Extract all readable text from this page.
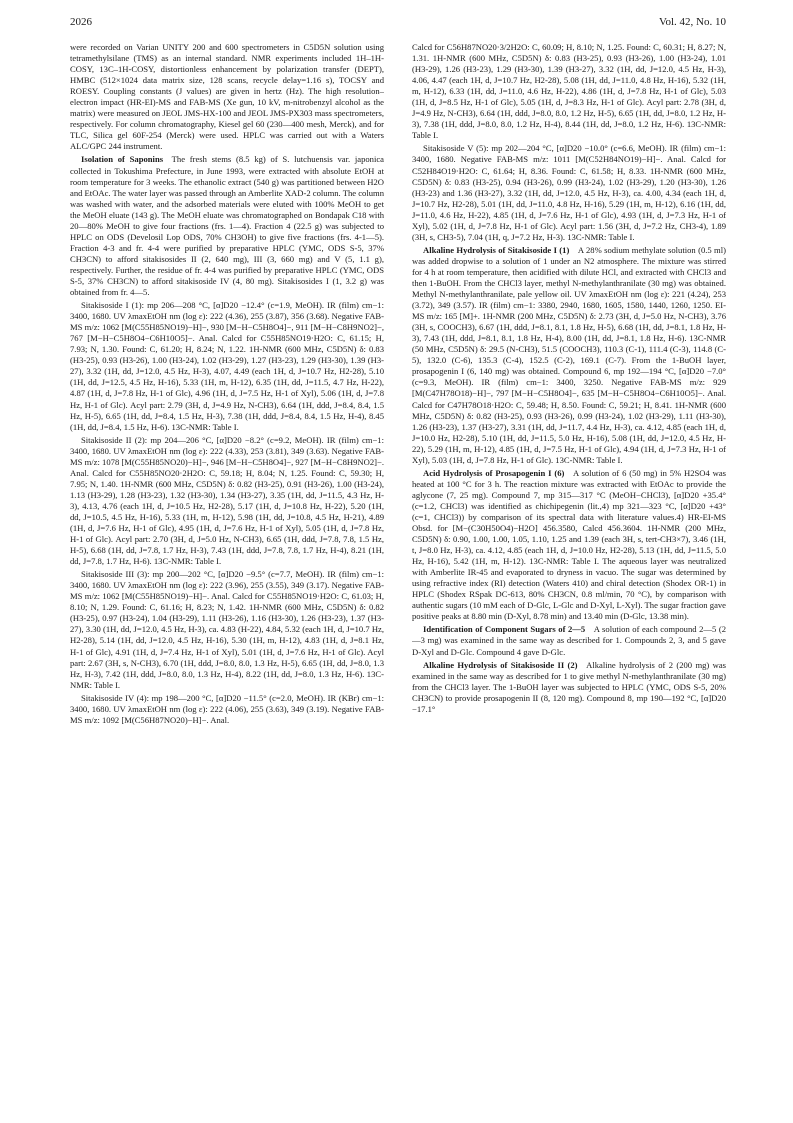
2026	Vol. 42, No. 10

were recorded on Varian UNITY 200 and 600 spectrometers in C5D5N solution using tetramethylsilane (TMS) as an internal standard. NMR experiments included 1H–1H-COSY, 13C–1H-COSY, distortionless enhancement by polarization transfer (DEPT), HMBC (512×1024 data matrix size, 128 scans, recycle delay=1.16 s), TOCSY and ROESY. Coupling constants (J values) are given in hertz (Hz). The high resolution–electron impact (HR-EI)-MS and FAB-MS (Xe gun, 10 kV, m-nitrobenzyl alcohol as the matrix) were measured on JEOL JMS-HX-100 and JEOL JMS-PX303 mass spectrometers, respectively. For column chromatography, Kiesel gel 60 (230—400 mesh, Merck), and for TLC, Silica gel 60F-254 (Merck) were used. HPLC was carried out with a Waters ALC/GPC 244 instrument.

Isolation of Saponins  The fresh stems (8.5 kg) of S. lutchuensis var. japonica collected in Tokushima Prefecture, in June 1993, were extracted with absolute EtOH at room temperature for 3 weeks. The ethanolic extract (540 g) was partitioned between H2O and EtOAc. The water layer was passed through an Amberlite XAD-2 column. The column was washed with water, and the adsorbed materials were eluted with 100% MeOH to get the MeOH eluate (143 g). The MeOH eluate was chromatographed on Bondapak C18 with 20—80% MeOH to give four fractions (frs. 1—4). Fraction 4 (22.5 g) was subjected to HPLC on ODS (Develosil Lop ODS, 70% CH3OH) to give five fractions (frs. 4-1—5). Fraction 4-3 and fr. 4-4 were purified by preparative HPLC (YMC, ODS S-5, 37% CH3CN) to afford sitakisosides II (2, 640 mg), III (3, 660 mg) and V (5, 1.1 g), respectively. Further, the residue of fr. 4-4 was purified by preparative HPLC (YMC, ODS S-5, 37% CH3CN) to afford sitakisoside IV (4, 80 mg). Sitakisosides I (1, 3.2 g) was obtained from fr. 4—5.

Sitakisoside I (1): mp 206—208 °C, [α]D20 −12.4° (c=1.9, MeOH). IR (film) cm−1: 3400, 1680. UV λmaxEtOH nm (log ε): 222 (4.36), 255 (3.87), 356 (3.68). Negative FAB-MS m/z: 1062 [M(C55H85NO19)−H]−, 930 [M−H−C5H8O4]−, 911 [M−H−C8H9NO2]−, 767 [M−H−C5H8O4−C6H10O5]−. Anal. Calcd for C55H85NO19·H2O: C, 61.15; H, 7.93; N, 1.30. Found: C, 61.20; H, 8.24; N, 1.22. 1H-NMR (600 MHz, C5D5N) δ: 0.83 (H3-25), 0.93 (H3-26), 1.00 (H3-24), 1.02 (H3-29), 1.27 (H3-23), 1.29 (H3-30), 1.39 (H3-27), 3.32 (1H, dd, J=12.0, 4.5 Hz, H-3), 4.07, 4.49 (each 1H, d, J=10.7 Hz, H2-28), 5.10 (1H, dd, J=12.5, 4.5 Hz, H-16), 5.33 (1H, m, H-12), 6.35 (1H, dd, J=11.5, 4.7 Hz, H-22), 4.87 (1H, d, J=7.8 Hz, H-1 of Glc), 4.96 (1H, d, J=7.5 Hz, H-1 of Xyl), 5.06 (1H, d, J=7.8 Hz, H-1 of Glc). Acyl part: 2.79 (3H, d, J=4.9 Hz, N-CH3), 6.64 (1H, ddd, J=8.4, 8.4, 1.5 Hz, H-5), 6.65 (1H, dd, J=8.4, 1.5 Hz, H-3), 7.38 (1H, ddd, J=8.4, 8.4, 1.5 Hz, H-4), 8.45 (1H, dd, J=8.4, 1.5 Hz, H-6). 13C-NMR: Table I.

Sitakisoside II (2): mp 204—206 °C, [α]D20 −8.2° (c=9.2, MeOH). IR (film) cm−1: 3400, 1680. UV λmaxEtOH nm (log ε): 222 (4.33), 253 (3.81), 349 (3.63). Negative FAB-MS m/z: 1078 [M(C55H85NO20)−H]−, 946 [M−H−C5H8O4]−, 927 [M−H−C8H9NO2]−. Anal. Calcd for C55H85NO20·2H2O: C, 59.18; H, 8.04; N, 1.25. Found: C, 59.30; H, 7.95; N, 1.40. 1H-NMR (600 MHz, C5D5N) δ: 0.82 (H3-25), 0.91 (H3-26), 1.00 (H3-24), 1.13 (H3-29), 1.28 (H3-23), 1.32 (H3-30), 1.34 (H3-27), 3.35 (1H, dd, J=11.5, 4.3 Hz, H-3), 4.13, 4.76 (each 1H, d, J=10.5 Hz, H2-28), 5.17 (1H, d, J=10.8 Hz, H-22), 5.20 (1H, dd, J=10.5, 4.5 Hz, H-16), 5.33 (1H, m, H-12), 5.98 (1H, dd, J=10.8, 4.5 Hz, H-21), 4.89 (1H, d, J=7.6 Hz, H-1 of Glc), 4.95 (1H, d, J=7.6 Hz, H-1 of Xyl), 5.05 (1H, d, J=7.8 Hz, H-1 of Glc). Acyl part: 2.70 (3H, d, J=5.0 Hz, N-CH3), 6.65 (1H, ddd, J=7.8, 7.8, 1.5 Hz, H-5), 6.68 (1H, dd, J=7.8, 1.7 Hz, H-3), 7.43 (1H, ddd, J=7.8, 7.8, 1.7 Hz, H-4), 8.21 (1H, dd, J=7.8, 1.7 Hz, H-6). 13C-NMR: Table I.

Sitakisoside III (3): mp 200—202 °C, [α]D20 −9.5° (c=7.7, MeOH). IR (film) cm−1: 3400, 1680. UV λmaxEtOH nm (log ε): 222 (3.96), 255 (3.55), 349 (3.17). Negative FAB-MS m/z: 1062 [M(C55H85NO19)−H]−. Anal. Calcd for C55H85NO19·H2O: C, 61.03; H, 8.10; N, 1.29. Found: C, 61.16; H, 8.23; N, 1.42. 1H-NMR (600 MHz, C5D5N) δ: 0.82 (H3-25), 0.97 (H3-24), 1.04 (H3-29), 1.11 (H3-26), 1.16 (H3-30), 1.26 (H3-23), 1.37 (H3-27), 3.30 (1H, dd, J=12.0, 4.5 Hz, H-3), ca. 4.83 (H-22), 4.84, 5.32 (each 1H, d, J=10.7 Hz, H2-28), 5.14 (1H, dd, J=12.0, 4.5 Hz, H-16), 5.30 (1H, m, H-12), 4.83 (1H, d, J=8.1 Hz, H-1 of Glc), 4.91 (1H, d, J=7.4 Hz, H-1 of Xyl), 5.01 (1H, d, J=7.6 Hz, H-1 of Glc). Acyl part: 2.67 (3H, s, N-CH3), 6.70 (1H, ddd, J=8.0, 8.0, 1.3 Hz, H-5), 6.65 (1H, dd, J=8.0, 1.3 Hz, H-3), 7.42 (1H, ddd, J=8.0, 8.0, 1.3 Hz, H-4), 8.22 (1H, dd, J=8.0, 1.3 Hz, H-6). 13C-NMR: Table I.

Sitakisoside IV (4): mp 198—200 °C, [α]D20 −11.5° (c=2.0, MeOH). IR (KBr) cm−1: 3400, 1680. UV λmaxEtOH nm (log ε): 222 (4.06), 255 (3.63), 349 (3.19). Negative FAB-MS m/z: 1092 [M(C56H87NO20)−H]−. Anal.

Calcd for C56H87NO20·3/2H2O: C, 60.09; H, 8.10; N, 1.25. Found: C, 60.31; H, 8.27; N, 1.31. 1H-NMR (600 MHz, C5D5N) δ: 0.83 (H3-25), 0.93 (H3-26), 1.00 (H3-24), 1.01 (H3-29), 1.26 (H3-23), 1.29 (H3-30), 1.39 (H3-27), 3.32 (1H, dd, J=12.0, 4.5 Hz, H-3), 4.06, 4.47 (each 1H, d, J=10.7 Hz, H2-28), 5.08 (1H, dd, J=11.0, 4.8 Hz, H-16), 5.32 (1H, m, H-12), 6.33 (1H, dd, J=11.0, 4.6 Hz, H-22), 4.86 (1H, d, J=7.8 Hz, H-1 of Glc), 5.03 (1H, d, J=8.5 Hz, H-1 of Glc), 5.05 (1H, d, J=8.3 Hz, H-1 of Glc). Acyl part: 2.78 (3H, d, J=4.9 Hz, N-CH3), 6.64 (1H, ddd, J=8.0, 8.0, 1.2 Hz, H-5), 6.65 (1H, dd, J=8.0, 1.2 Hz, H-3), 7.38 (1H, ddd, J=8.0, 8.0, 1.2 Hz, H-4), 8.44 (1H, dd, J=8.0, 1.2 Hz, H-6). 13C-NMR: Table I.

Sitakisoside V (5): mp 202—204 °C, [α]D20 −10.0° (c=6.6, MeOH). IR (film) cm−1: 3400, 1680. Negative FAB-MS m/z: 1011 [M(C52H84NO19)−H]−. Anal. Calcd for C52H84O19·H2O: C, 61.64; H, 8.36. Found: C, 61.58; H, 8.33. 1H-NMR (600 MHz, C5D5N) δ: 0.83 (H3-25), 0.94 (H3-26), 0.99 (H3-24), 1.02 (H3-29), 1.20 (H3-30), 1.26 (H3-23) and 1.36 (H3-27), 3.32 (1H, dd, J=12.0, 4.5 Hz, H-3), ca. 4.00, 4.34 (each 1H, d, J=10.7 Hz, H2-28), 5.01 (1H, dd, J=11.0, 4.8 Hz, H-16), 5.29 (1H, m, H-12), 6.16 (1H, dd, J=11.0, 4.6 Hz, H-22), 4.85 (1H, d, J=7.6 Hz, H-1 of Glc), 4.93 (1H, d, J=7.3 Hz, H-1 of Xyl), 5.02 (1H, d, J=7.8 Hz, H-1 of Glc). Acyl part: 1.56 (3H, d, J=7.2 Hz, CH3-4), 1.89 (3H, s, CH3-5), 7.04 (1H, q, J=7.2 Hz, H-3). 13C-NMR: Table I.

Alkaline Hydrolysis of Sitakisoside I (1)  A 28% sodium methylate solution (0.5 ml) was added dropwise to a solution of 1 under an N2 atmosphere. The mixture was stirred for 4 h at room temperature, then acidified with dilute HCl, and extracted with CHCl3 and then 1-BuOH. From the CHCl3 layer, methyl N-methylanthranilate (30 mg) was obtained. Methyl N-methylanthranilate, pale yellow oil. UV λmaxEtOH nm (log ε): 221 (4.24), 253 (3.72), 349 (3.57). IR (film) cm−1: 3380, 2940, 1680, 1605, 1580, 1440, 1260, 1250. EI-MS m/z: 165 [M]+. 1H-NMR (200 MHz, C5D5N) δ: 2.73 (3H, d, J=5.0 Hz, N-CH3), 3.76 (3H, s, COOCH3), 6.67 (1H, ddd, J=8.1, 8.1, 1.8 Hz, H-5), 6.68 (1H, dd, J=8.1, 1.8 Hz, H-3), 7.43 (1H, ddd, J=8.1, 8.1, 1.8 Hz, H-4), 8.00 (1H, dd, J=8.1, 1.8 Hz, H-6). 13C-NMR (50 MHz, C5D5N) δ: 29.5 (N-CH3), 51.5 (COOCH3), 110.3 (C-1), 111.4 (C-3), 114.8 (C-5), 132.0 (C-6), 135.3 (C-4), 152.5 (C-2), 169.1 (C-7). From the 1-BuOH layer, prosapogenin I (6, 140 mg) was obtained. Compound 6, mp 192—194 °C, [α]D20 −7.0° (c=9.3, MeOH). IR (film) cm−1: 3400, 3250. Negative FAB-MS m/z: 929 [M(C47H78O18)−H]−, 797 [M−H−C5H8O4]−, 635 [M−H−C5H8O4−C6H10O5]−. Anal. Calcd for C47H78O18·H2O: C, 59.48; H, 8.50. Found: C, 59.21; H, 8.41. 1H-NMR (600 MHz, C5D5N) δ: 0.82 (H3-25), 0.93 (H3-26), 0.99 (H3-24), 1.02 (H3-29), 1.11 (H3-30), 1.26 (H3-23), 1.37 (H3-27), 3.31 (1H, dd, J=11.7, 4.4 Hz, H-3), ca. 4.12, 4.85 (each 1H, d, J=10.0 Hz, H2-28), 5.10 (1H, dd, J=11.5, 5.0 Hz, H-16), 5.08 (1H, dd, J=12.0, 4.5 Hz, H-22), 5.29 (1H, m, H-12), 4.85 (1H, d, J=7.5 Hz, H-1 of Glc), 4.94 (1H, d, J=7.3 Hz, H-1 of Xyl), 5.03 (1H, d, J=7.8 Hz, H-1 of Glc). 13C-NMR: Table I.

Acid Hydrolysis of Prosapogenin I (6)  A solution of 6 (50 mg) in 5% H2SO4 was heated at 100 °C for 3 h. The reaction mixture was extracted with EtOAc to provide the aglycone (7, 25 mg). Compound 7, mp 315—317 °C (MeOH−CHCl3), [α]D20 +35.4° (c=1.2, CHCl3) was identified as chichipegenin (lit.,4) mp 321—323 °C, [α]D20 +43° (c=1, CHCl3)) by comparison of its spectral data with literature values.4) HR-EI-MS Obsd. for [M−(C30H50O4)−H2O] 456.3580, Calcd 456.3604. 1H-NMR (200 MHz, C5D5N) δ: 0.90, 1.00, 1.00, 1.05, 1.10, 1.25 and 1.39 (each 3H, s, tert-CH3×7), 3.46 (1H, t, J=8.0 Hz, H-3), ca. 4.12, 4.85 (each 1H, d, J=10.0 Hz, H2-28), 5.13 (1H, dd, J=11.5, 5.0 Hz, H-16), 5.42 (1H, m, H-12). 13C-NMR: Table I. The aqueous layer was neutralized with Amberlite IR-45 and evaporated to dryness in vacuo. The sugar was determined by using refractive index (RI) detection (Waters 410) and chiral detection (Shodex OR-1) in HPLC (Shodex RSpak DC-613, 80% CH3CN, 0.8 ml/min, 70 °C), by comparison with authentic sugars (10 mM each of D-Glc, L-Glc and D-Xyl, L-Xyl). The sugar fraction gave positive peaks at 8.80 min (D-Xyl, 8.78 min) and 13.40 min (D-Glc, 13.38 min).

Identification of Component Sugars of 2—5  A solution of each compound 2—5 (2—3 mg) was examined in the same way as described for 1. Compounds 2, 3, and 5 gave D-Xyl and D-Glc. Compound 4 gave D-Glc.

Alkaline Hydrolysis of Sitakisoside II (2)  Alkaline hydrolysis of 2 (200 mg) was examined in the same way as described for 1 to give methyl N-methylanthranilate (30 mg) from the CHCl3 layer. The 1-BuOH layer was subjected to HPLC (YMC, ODS S-5, 20% CH3CN) to provide prosapogenin II (8, 120 mg). Compound 8, mp 190—192 °C, [α]D20 −17.1°
